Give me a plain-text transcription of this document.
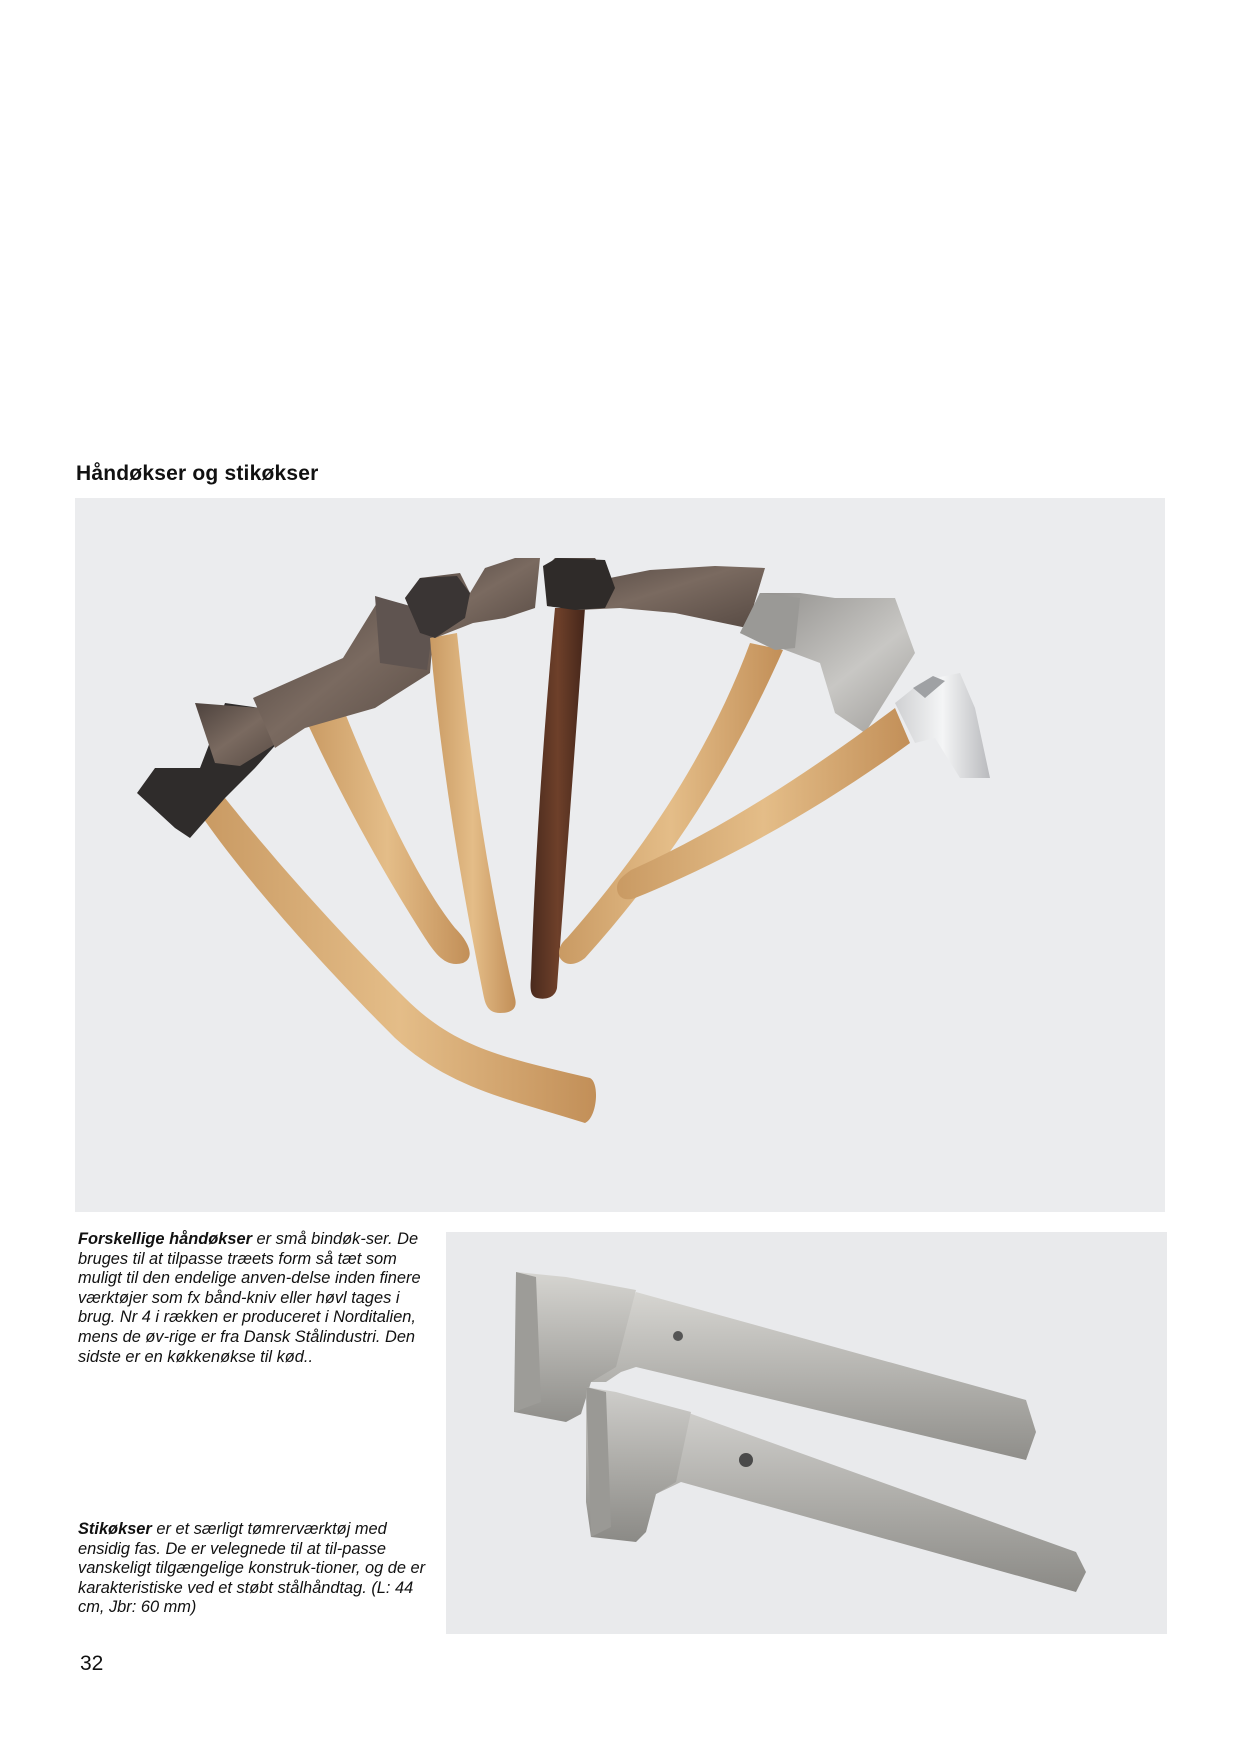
Håndøkser og stikøkser
Forskellige håndøkser er små bindøk-ser. De bruges til at tilpasse træets form så tæt som muligt til den endelige anven-delse inden finere værktøjer som fx bånd-kniv eller høvl tages i brug. Nr 4 i rækken er produceret i Norditalien, mens de øv-rige er fra Dansk Stålindustri. Den sidste er en køkkenøkse til kød..
Stikøkser er et særligt tømrerværktøj med ensidig fas. De er velegnede til at til-passe vanskeligt tilgængelige konstruk-tioner, og de er karakteristiske ved et støbt stålhåndtag. (L: 44 cm, Jbr: 60 mm)
32
